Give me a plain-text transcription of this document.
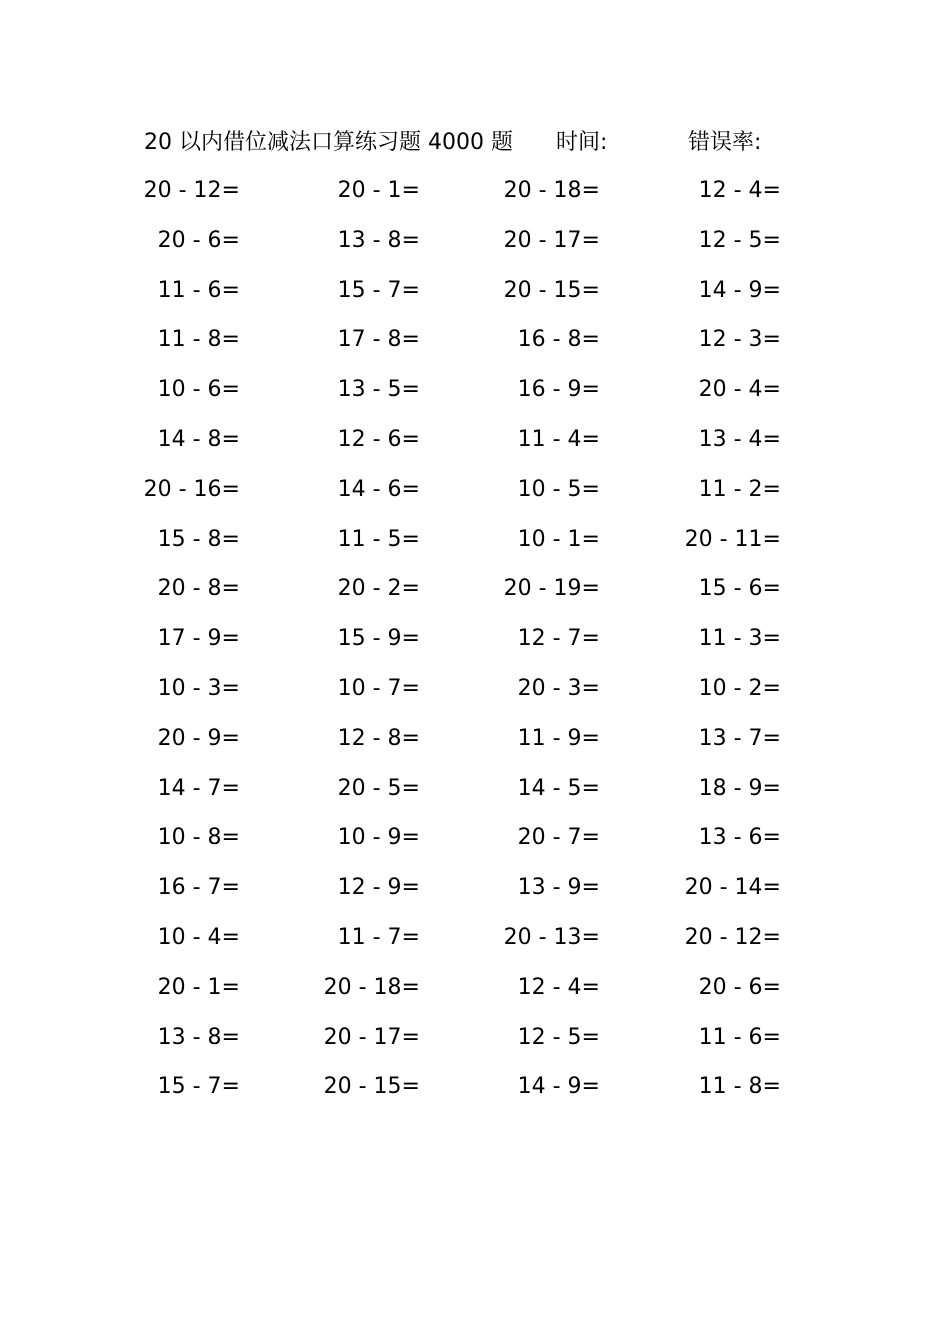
20 以内借位减法口算练习题 4000 题 时间:	错误率:
20 - 12=	20 - 1=	20 - 18=	12 - 4=
20 - 6=	13 - 8=	20 - 17=	12 - 5=
11 - 6=	15 - 7=	20 - 15=	14 - 9=
11 - 8=	17 - 8=	16 - 8=	12 - 3=
10 - 6=	13 - 5=	16 - 9=	20 - 4=
14 - 8=	12 - 6=	11 - 4=	13 - 4=
20 - 16=	14 - 6=	10 - 5=	11 - 2=
15 - 8=	11 - 5=	10 - 1=	20 - 11=
20 - 8=	20 - 2=	20 - 19=	15 - 6=
17 - 9=	15 - 9=	12 - 7=	11 - 3=
10 - 3=	10 - 7=	20 - 3=	10 - 2=
20 - 9=	12 - 8=	11 - 9=	13 - 7=
14 - 7=	20 - 5=	14 - 5=	18 - 9=
10 - 8=	10 - 9=	20 - 7=	13 - 6=
16 - 7=	12 - 9=	13 - 9=	20 - 14=
10 - 4=	11 - 7=	20 - 13=	20 - 12=
20 - 1=	20 - 18=	12 - 4=	20 - 6=
13 - 8=	20 - 17=	12 - 5=	11 - 6=
15 - 7=	20 - 15=	14 - 9=	11 - 8=
